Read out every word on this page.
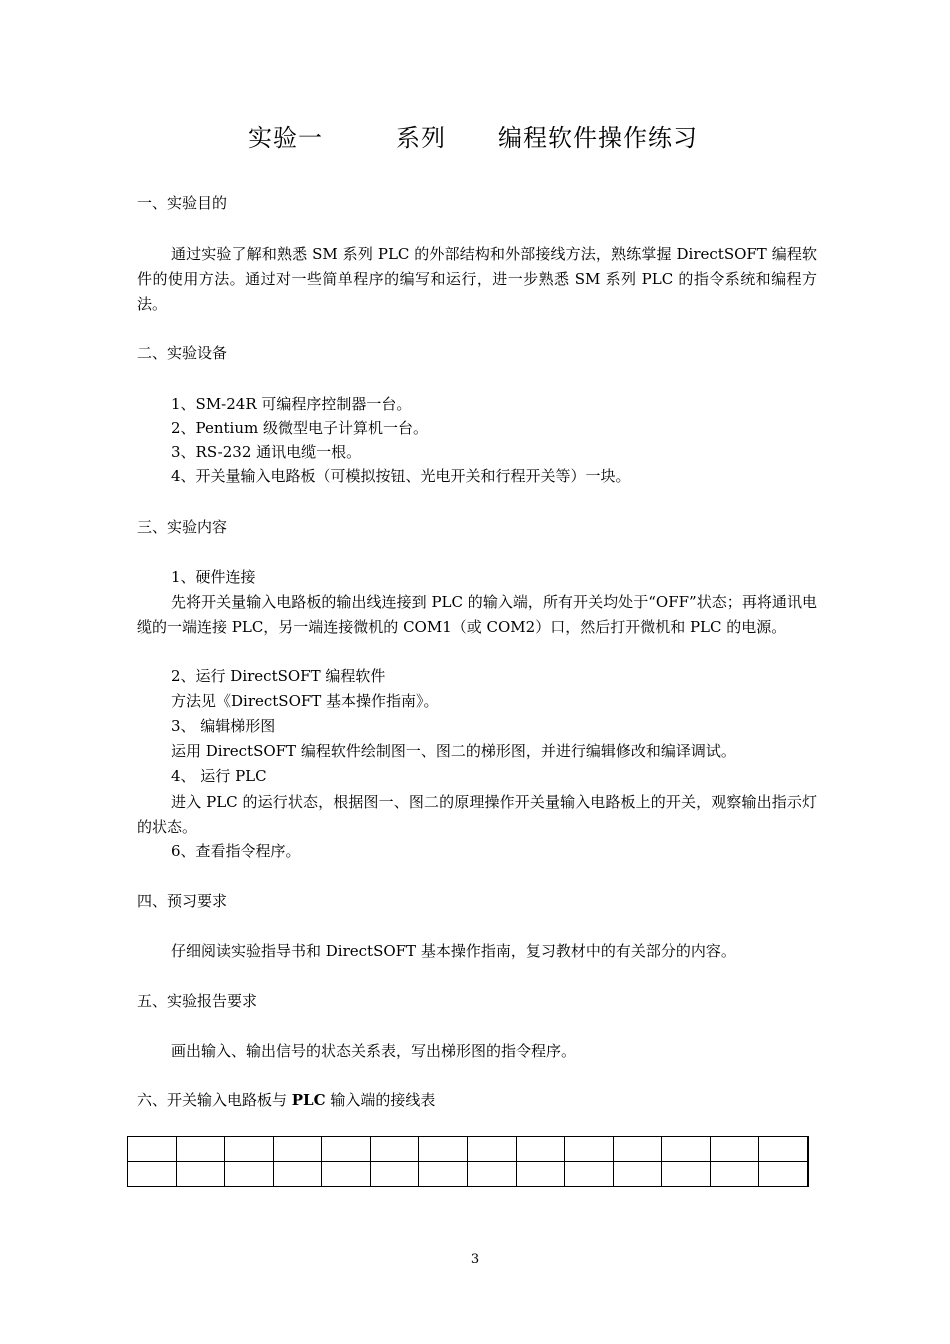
实验一	系列 编程软件操作练习
一、实验目的
通过实验了解和熟悉 SM 系列 PLC 的外部结构和外部接线方法，熟练掌握 DirectSOFT 编程软件的使用方法。通过对一些简单程序的编写和运行，进一步熟悉 SM 系列 PLC 的指令系统和编程方法。
二、实验设备
1、SM-24R 可编程序控制器一台。
2、Pentium 级微型电子计算机一台。
3、RS-232 通讯电缆一根。
4、开关量输入电路板（可模拟按钮、光电开关和行程开关等）一块。
三、实验内容
1、硬件连接
先将开关量输入电路板的输出线连接到 PLC 的输入端，所有开关均处于“OFF”状态；再将通讯电缆的一端连接 PLC，另一端连接微机的 COM1（或 COM2）口，然后打开微机和 PLC 的电源。
2、运行 DirectSOFT 编程软件
方法见《DirectSOFT 基本操作指南》。
3、 编辑梯形图
运用 DirectSOFT 编程软件绘制图一、图二的梯形图，并进行编辑修改和编译调试。
4、 运行 PLC
进入 PLC 的运行状态，根据图一、图二的原理操作开关量输入电路板上的开关，观察输出指示灯的状态。
6、查看指令程序。
四、预习要求
仔细阅读实验指导书和 DirectSOFT 基本操作指南，复习教材中的有关部分的内容。
五、实验报告要求
画出输入、输出信号的状态关系表，写出梯形图的指令程序。
六、开关输入电路板与 PLC 输入端的接线表

3
